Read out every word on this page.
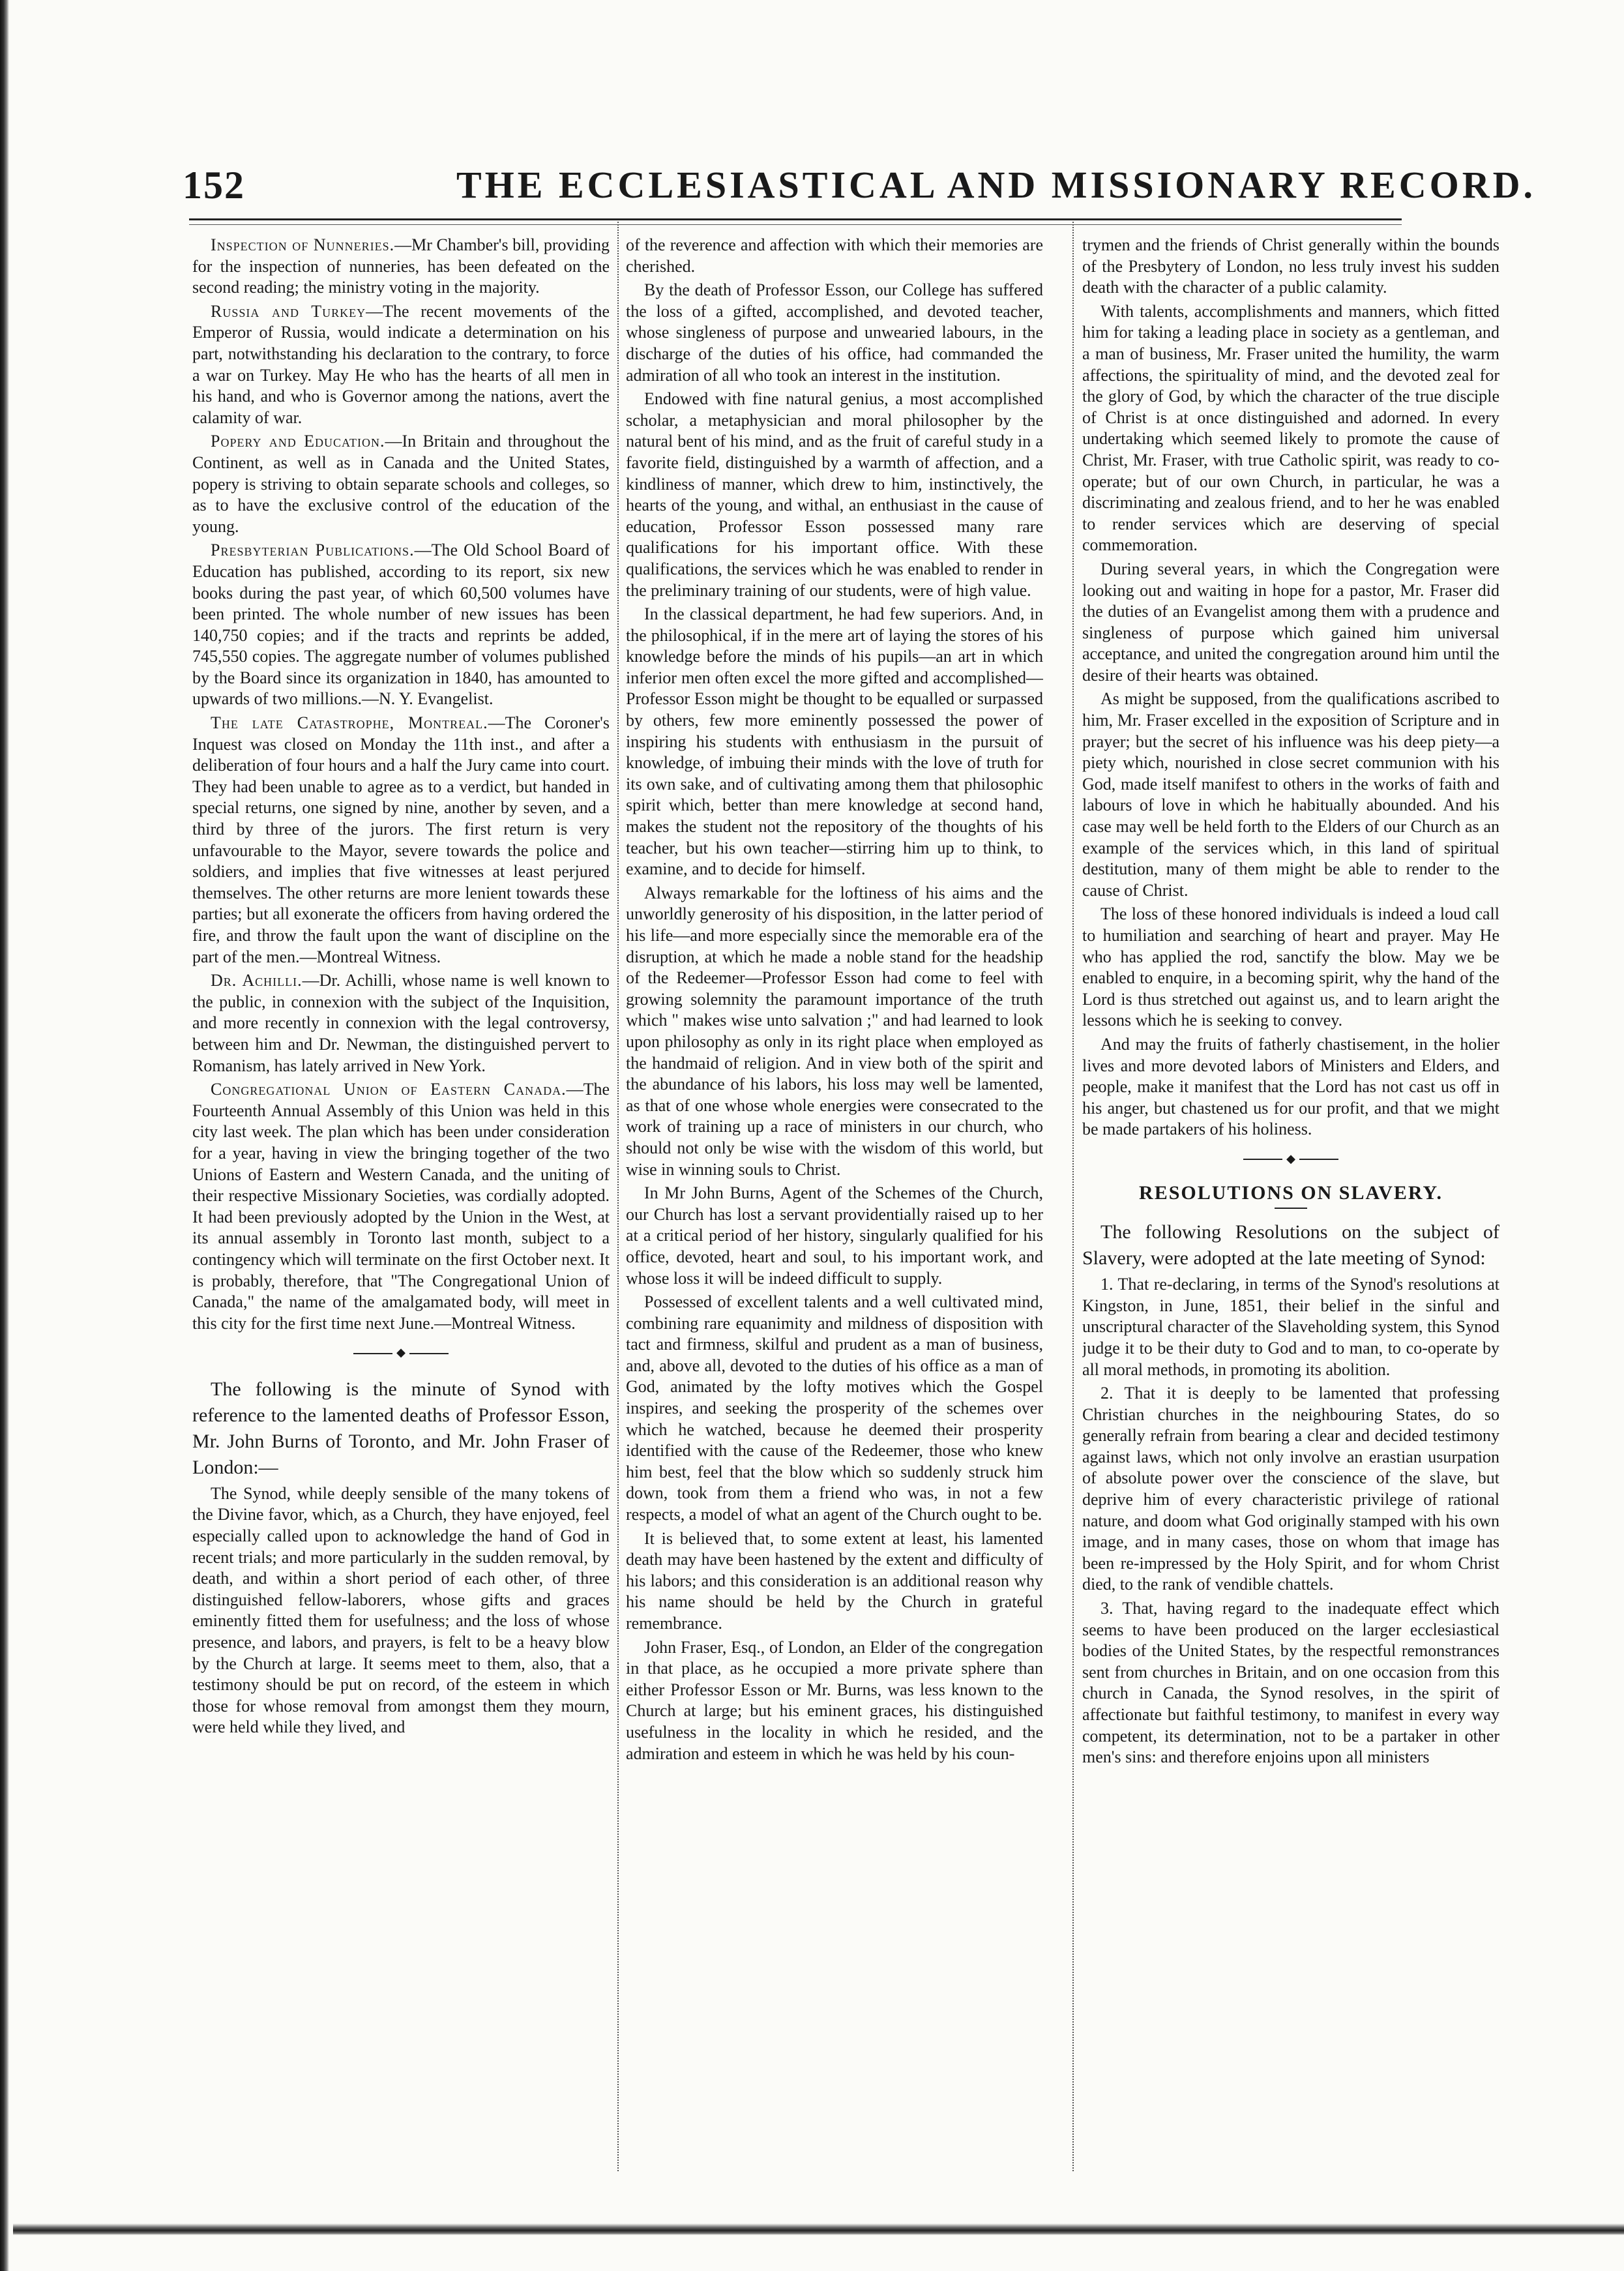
152	THE ECCLESIASTICAL AND MISSIONARY RECORD.

Inspection of Nunneries.—Mr Chamber's bill, providing for the inspection of nunneries, has been defeated on the second reading; the ministry voting in the majority.

Russia and Turkey—The recent movements of the Emperor of Russia, would indicate a determination on his part, notwithstanding his declaration to the contrary, to force a war on Turkey. May He who has the hearts of all men in his hand, and who is Governor among the nations, avert the calamity of war.

Popery and Education.—In Britain and throughout the Continent, as well as in Canada and the United States, popery is striving to obtain separate schools and colleges, so as to have the exclusive control of the education of the young.

Presbyterian Publications.—The Old School Board of Education has published, according to its report, six new books during the past year, of which 60,500 volumes have been printed. The whole number of new issues has been 140,750 copies; and if the tracts and reprints be added, 745,550 copies. The aggregate number of volumes published by the Board since its organization in 1840, has amounted to upwards of two millions.—N. Y. Evangelist.

The late Catastrophe, Montreal.—The Coroner's Inquest was closed on Monday the 11th inst., and after a deliberation of four hours and a half the Jury came into court. They had been unable to agree as to a verdict, but handed in special returns, one signed by nine, another by seven, and a third by three of the jurors. The first return is very unfavourable to the Mayor, severe towards the police and soldiers, and implies that five witnesses at least perjured themselves. The other returns are more lenient towards these parties; but all exonerate the officers from having ordered the fire, and throw the fault upon the want of discipline on the part of the men.—Montreal Witness.

Dr. Achilli.—Dr. Achilli, whose name is well known to the public, in connexion with the subject of the Inquisition, and more recently in connexion with the legal controversy, between him and Dr. Newman, the distinguished pervert to Romanism, has lately arrived in New York.

Congregational Union of Eastern Canada.—The Fourteenth Annual Assembly of this Union was held in this city last week. The plan which has been under consideration for a year, having in view the bringing together of the two Unions of Eastern and Western Canada, and the uniting of their respective Missionary Societies, was cordially adopted. It had been previously adopted by the Union in the West, at its annual assembly in Toronto last month, subject to a contingency which will terminate on the first October next. It is probably, therefore, that "The Congregational Union of Canada," the name of the amalgamated body, will meet in this city for the first time next June.—Montreal Witness.

◆

The following is the minute of Synod with reference to the lamented deaths of Professor Esson, Mr. John Burns of Toronto, and Mr. John Fraser of London:—

The Synod, while deeply sensible of the many tokens of the Divine favor, which, as a Church, they have enjoyed, feel especially called upon to acknowledge the hand of God in recent trials; and more particularly in the sudden removal, by death, and within a short period of each other, of three distinguished fellow-laborers, whose gifts and graces eminently fitted them for usefulness; and the loss of whose presence, and labors, and prayers, is felt to be a heavy blow by the Church at large. It seems meet to them, also, that a testimony should be put on record, of the esteem in which those for whose removal from amongst them they mourn, were held while they lived, and

of the reverence and affection with which their memories are cherished.

By the death of Professor Esson, our College has suffered the loss of a gifted, accomplished, and devoted teacher, whose singleness of purpose and unwearied labours, in the discharge of the duties of his office, had commanded the admiration of all who took an interest in the institution.

Endowed with fine natural genius, a most accomplished scholar, a metaphysician and moral philosopher by the natural bent of his mind, and as the fruit of careful study in a favorite field, distinguished by a warmth of affection, and a kindliness of manner, which drew to him, instinctively, the hearts of the young, and withal, an enthusiast in the cause of education, Professor Esson possessed many rare qualifications for his important office. With these qualifications, the services which he was enabled to render in the preliminary training of our students, were of high value.

In the classical department, he had few superiors. And, in the philosophical, if in the mere art of laying the stores of his knowledge before the minds of his pupils—an art in which inferior men often excel the more gifted and accomplished—Professor Esson might be thought to be equalled or surpassed by others, few more eminently possessed the power of inspiring his students with enthusiasm in the pursuit of knowledge, of imbuing their minds with the love of truth for its own sake, and of cultivating among them that philosophic spirit which, better than mere knowledge at second hand, makes the student not the repository of the thoughts of his teacher, but his own teacher—stirring him up to think, to examine, and to decide for himself.

Always remarkable for the loftiness of his aims and the unworldly generosity of his disposition, in the latter period of his life—and more especially since the memorable era of the disruption, at which he made a noble stand for the headship of the Redeemer—Professor Esson had come to feel with growing solemnity the paramount importance of the truth which " makes wise unto salvation ;" and had learned to look upon philosophy as only in its right place when employed as the handmaid of religion. And in view both of the spirit and the abundance of his labors, his loss may well be lamented, as that of one whose whole energies were consecrated to the work of training up a race of ministers in our church, who should not only be wise with the wisdom of this world, but wise in winning souls to Christ.

In Mr John Burns, Agent of the Schemes of the Church, our Church has lost a servant providentially raised up to her at a critical period of her history, singularly qualified for his office, devoted, heart and soul, to his important work, and whose loss it will be indeed difficult to supply.

Possessed of excellent talents and a well cultivated mind, combining rare equanimity and mildness of disposition with tact and firmness, skilful and prudent as a man of business, and, above all, devoted to the duties of his office as a man of God, animated by the lofty motives which the Gospel inspires, and seeking the prosperity of the schemes over which he watched, because he deemed their prosperity identified with the cause of the Redeemer, those who knew him best, feel that the blow which so suddenly struck him down, took from them a friend who was, in not a few respects, a model of what an agent of the Church ought to be.

It is believed that, to some extent at least, his lamented death may have been hastened by the extent and difficulty of his labors; and this consideration is an additional reason why his name should be held by the Church in grateful remembrance.

John Fraser, Esq., of London, an Elder of the congregation in that place, as he occupied a more private sphere than either Professor Esson or Mr. Burns, was less known to the Church at large; but his eminent graces, his distinguished usefulness in the locality in which he resided, and the admiration and esteem in which he was held by his coun-

trymen and the friends of Christ generally within the bounds of the Presbytery of London, no less truly invest his sudden death with the character of a public calamity.

With talents, accomplishments and manners, which fitted him for taking a leading place in society as a gentleman, and a man of business, Mr. Fraser united the humility, the warm affections, the spirituality of mind, and the devoted zeal for the glory of God, by which the character of the true disciple of Christ is at once distinguished and adorned. In every undertaking which seemed likely to promote the cause of Christ, Mr. Fraser, with true Catholic spirit, was ready to co-operate; but of our own Church, in particular, he was a discriminating and zealous friend, and to her he was enabled to render services which are deserving of special commemoration.

During several years, in which the Congregation were looking out and waiting in hope for a pastor, Mr. Fraser did the duties of an Evangelist among them with a prudence and singleness of purpose which gained him universal acceptance, and united the congregation around him until the desire of their hearts was obtained.

As might be supposed, from the qualifications ascribed to him, Mr. Fraser excelled in the exposition of Scripture and in prayer; but the secret of his influence was his deep piety—a piety which, nourished in close secret communion with his God, made itself manifest to others in the works of faith and labours of love in which he habitually abounded. And his case may well be held forth to the Elders of our Church as an example of the services which, in this land of spiritual destitution, many of them might be able to render to the cause of Christ.

The loss of these honored individuals is indeed a loud call to humiliation and searching of heart and prayer. May He who has applied the rod, sanctify the blow. May we be enabled to enquire, in a becoming spirit, why the hand of the Lord is thus stretched out against us, and to learn aright the lessons which he is seeking to convey.

And may the fruits of fatherly chastisement, in the holier lives and more devoted labors of Ministers and Elders, and people, make it manifest that the Lord has not cast us off in his anger, but chastened us for our profit, and that we might be made partakers of his holiness.

◆
RESOLUTIONS ON SLAVERY.

The following Resolutions on the subject of Slavery, were adopted at the late meeting of Synod:

1. That re-declaring, in terms of the Synod's resolutions at Kingston, in June, 1851, their belief in the sinful and unscriptural character of the Slaveholding system, this Synod judge it to be their duty to God and to man, to co-operate by all moral methods, in promoting its abolition.

2. That it is deeply to be lamented that professing Christian churches in the neighbouring States, do so generally refrain from bearing a clear and decided testimony against laws, which not only involve an erastian usurpation of absolute power over the conscience of the slave, but deprive him of every characteristic privilege of rational nature, and doom what God originally stamped with his own image, and in many cases, those on whom that image has been re-impressed by the Holy Spirit, and for whom Christ died, to the rank of vendible chattels.

3. That, having regard to the inadequate effect which seems to have been produced on the larger ecclesiastical bodies of the United States, by the respectful remonstrances sent from churches in Britain, and on one occasion from this church in Canada, the Synod resolves, in the spirit of affectionate but faithful testimony, to manifest in every way competent, its determination, not to be a partaker in other men's sins: and therefore enjoins upon all ministers
